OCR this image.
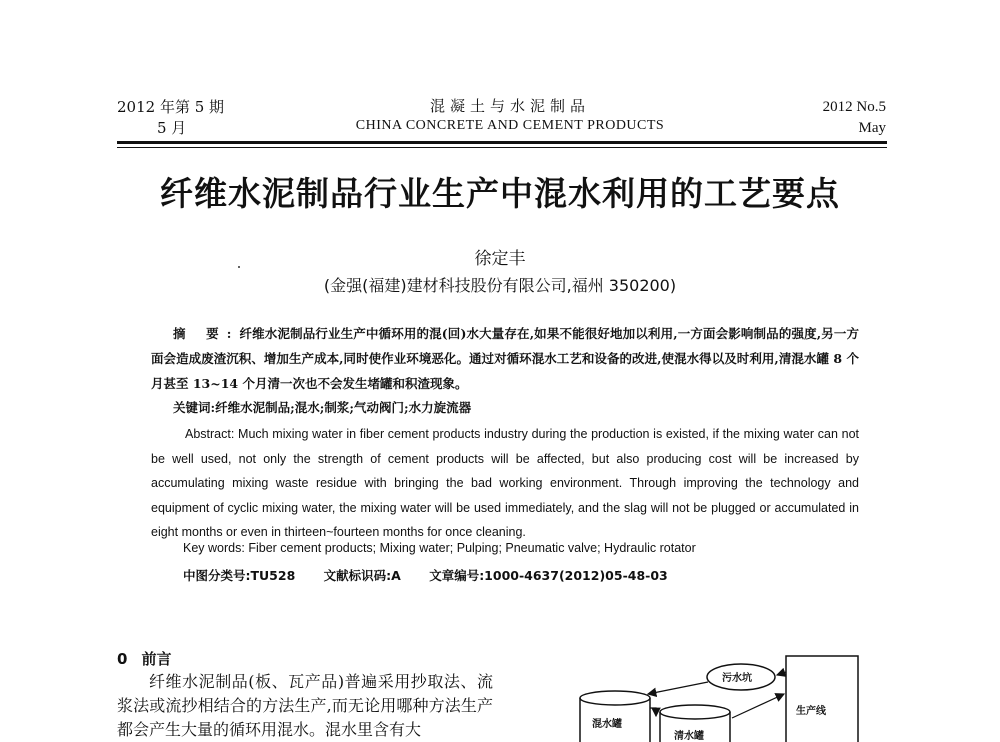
2012 年第 5 期
5 月
混凝土与水泥制品
CHINA CONCRETE AND CEMENT PRODUCTS
2012 No.5
May
纤维水泥制品行业生产中混水利用的工艺要点
徐定丰
(金强(福建)建材科技股份有限公司,福州 350200)
摘 要:纤维水泥制品行业生产中循环用的混(回)水大量存在,如果不能很好地加以利用,一方面会影响制品的强度,另一方面会造成废渣沉积、增加生产成本,同时使作业环境恶化。通过对循环混水工艺和设备的改进,使混水得以及时利用,清混水罐 8 个月甚至 13~14 个月清一次也不会发生堵罐和积渣现象。
关键词:纤维水泥制品;混水;制浆;气动阀门;水力旋流器
Abstract: Much mixing water in fiber cement products industry during the production is existed, if the mixing water can not be well used, not only the strength of cement products will be affected, but also producing cost will be increased by accumulating mixing waste residue with bringing the bad working environment. Through improving the technology and equipment of cyclic mixing water, the mixing water will be used immediately, and the slag will not be plugged or accumulated in eight months or even in thirteen~fourteen months for once cleaning.
Key words: Fiber cement products; Mixing water; Pulping; Pneumatic valve; Hydraulic rotator
中图分类号:TU528 文献标识码:A 文章编号:1000-4637(2012)05-48-03
0 前言
纤维水泥制品(板、瓦产品)普遍采用抄取法、流浆法或流抄相结合的方法生产,而无论用哪种方法生产都会产生大量的循环用混水。混水里含有大
生产线
污水坑
混水罐
清水罐
